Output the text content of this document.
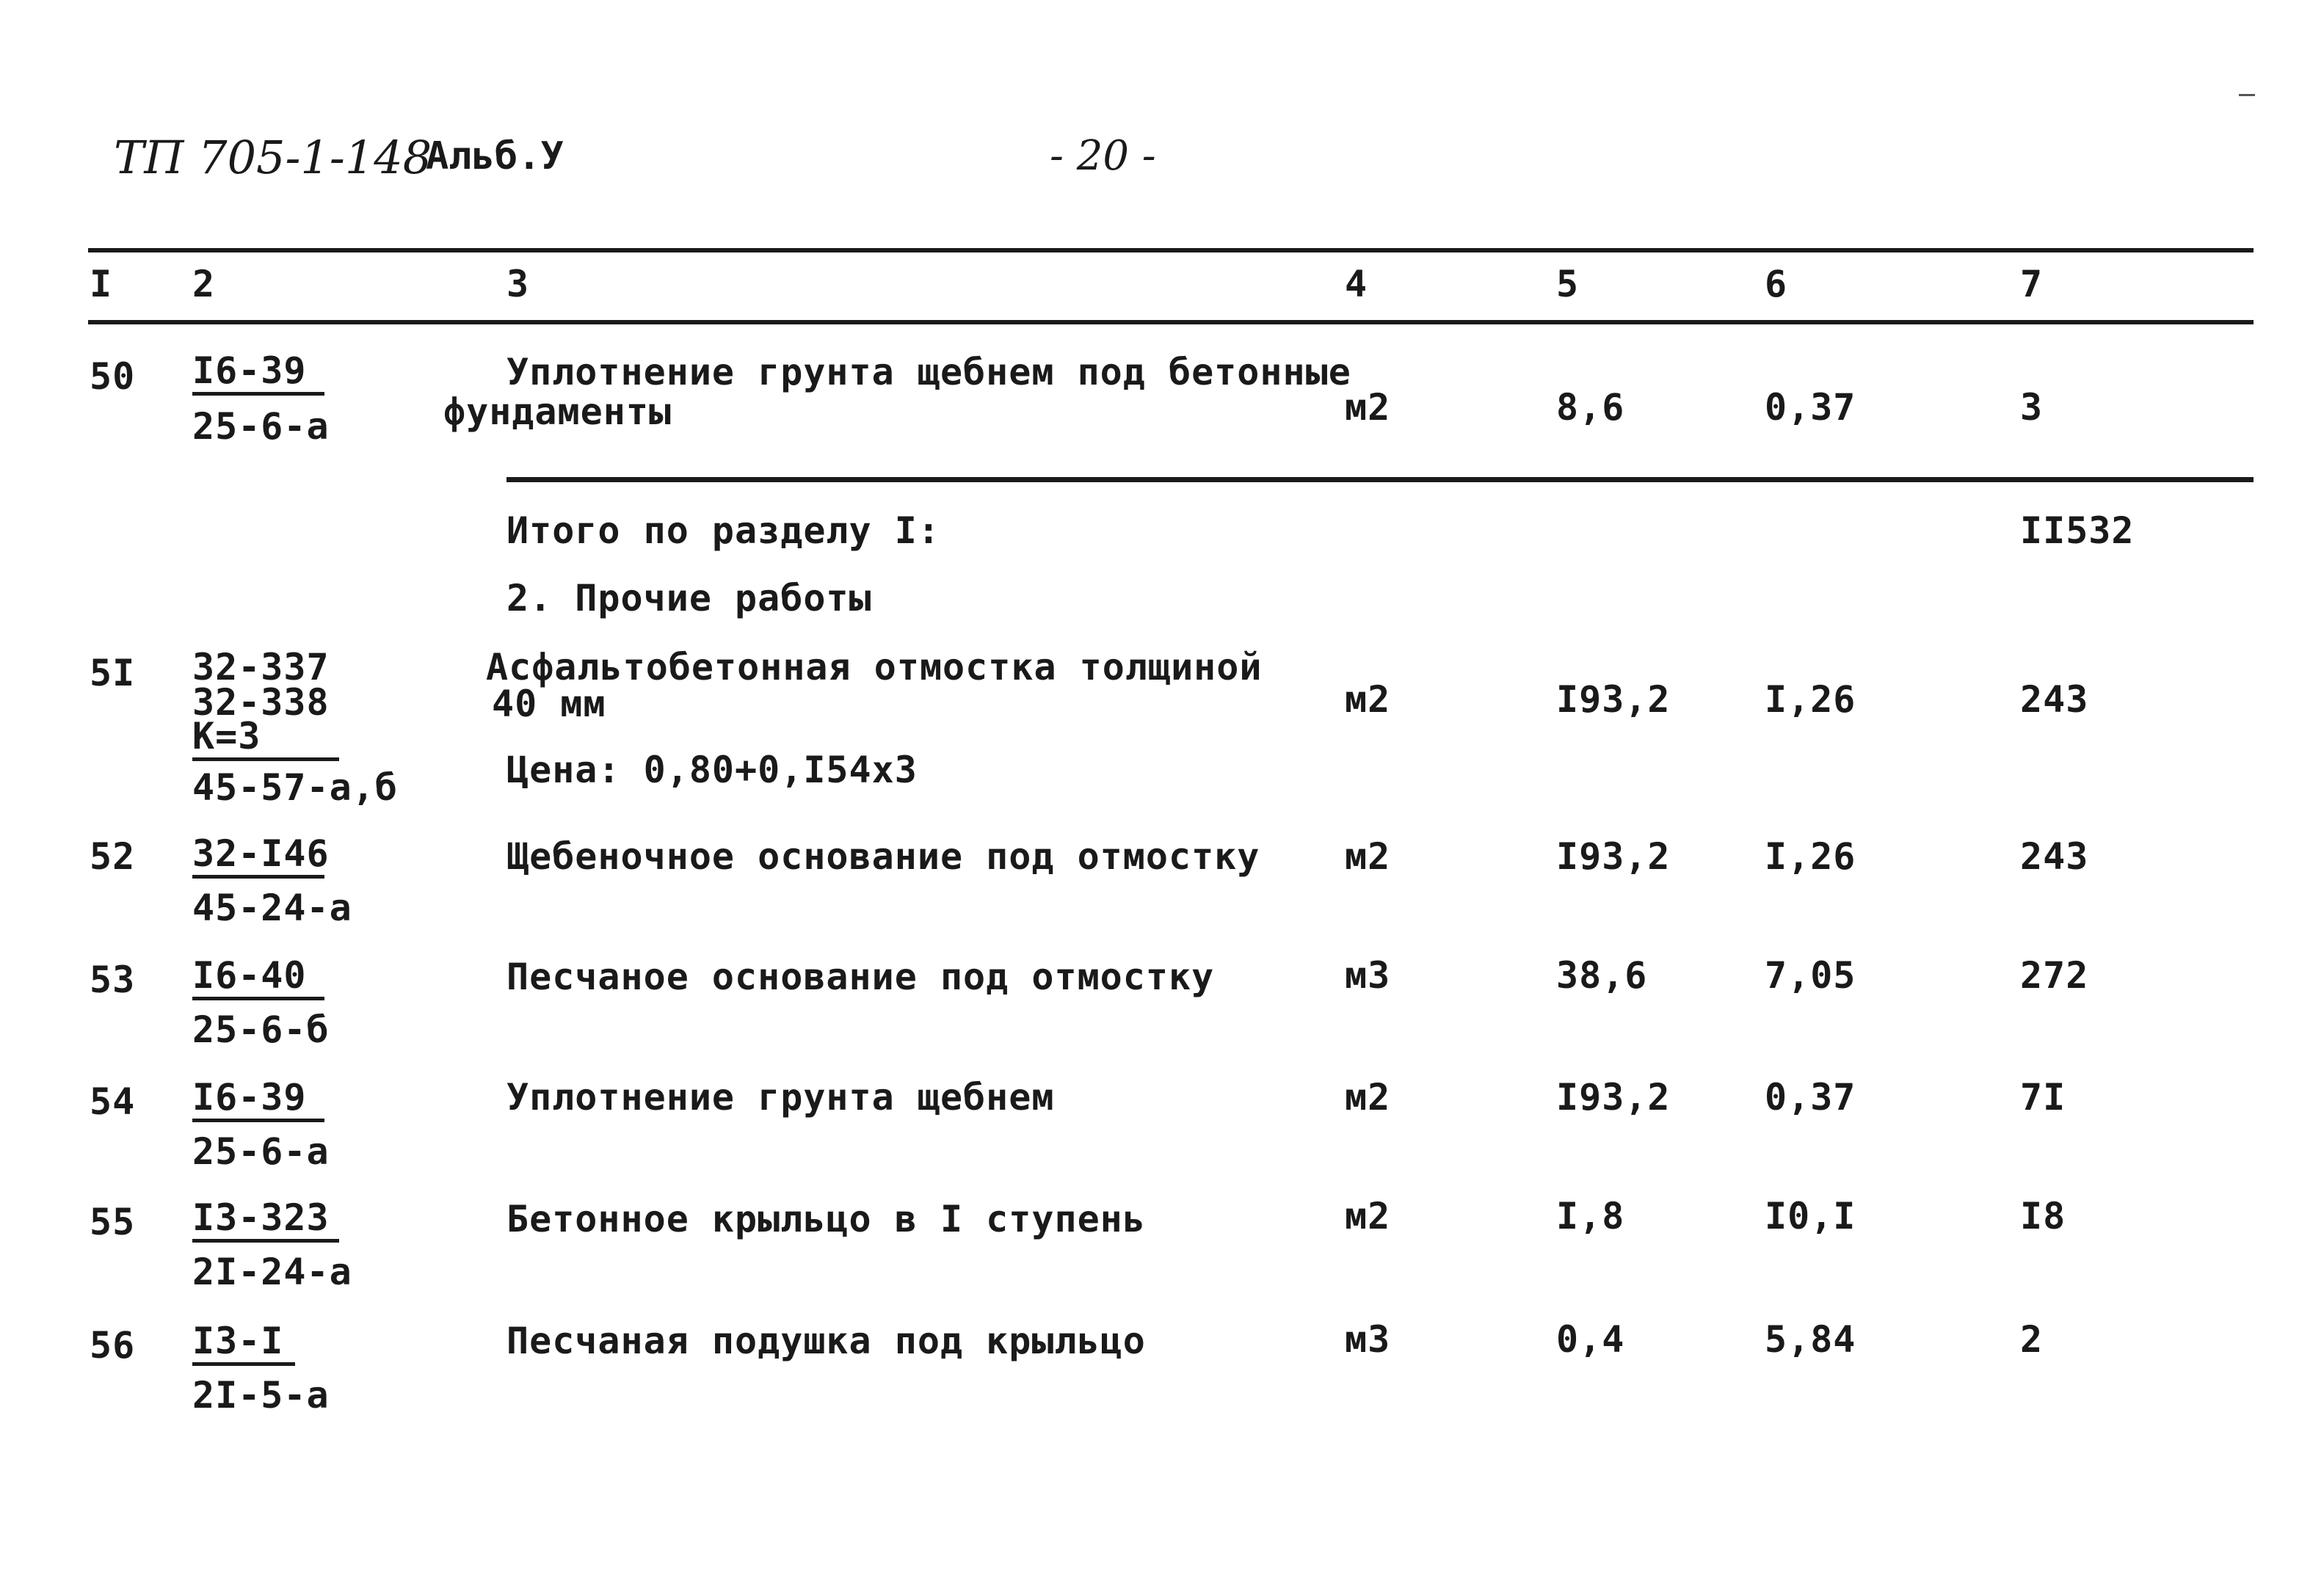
ТП 705-1-148
Альб.У	- 20 -
I 2	3	4	5	6	7
50 I6-39
25-6-а
Уплотнение грунта щебнем под бетонные
фундаменты	м2	8,6	0,37	3
Итого по разделу I:	II532
2. Прочие работы
5I 32-337
32-338
К=3
45-57-а,б
Асфальтобетонная отмостка толщиной
40 мм
Цена: 0,80+0,I54х3
м2	I93,2	I,26	243
52 32-I46
45-24-а
Щебеночное основание под отмостку м2	I93,2	I,26	243
53 I6-40
25-6-б
Песчаное основание под отмостку	м3	38,6	7,05	272
54 I6-39
25-6-а
Уплотнение грунта щебнем	м2	I93,2	0,37	7I
55 I3-323
2I-24-а
Бетонное крыльцо в I ступень	м2	I,8	I0,I	I8
56 I3-I
2I-5-а
Песчаная подушка под крыльцо	м3	0,4	5,84	2
